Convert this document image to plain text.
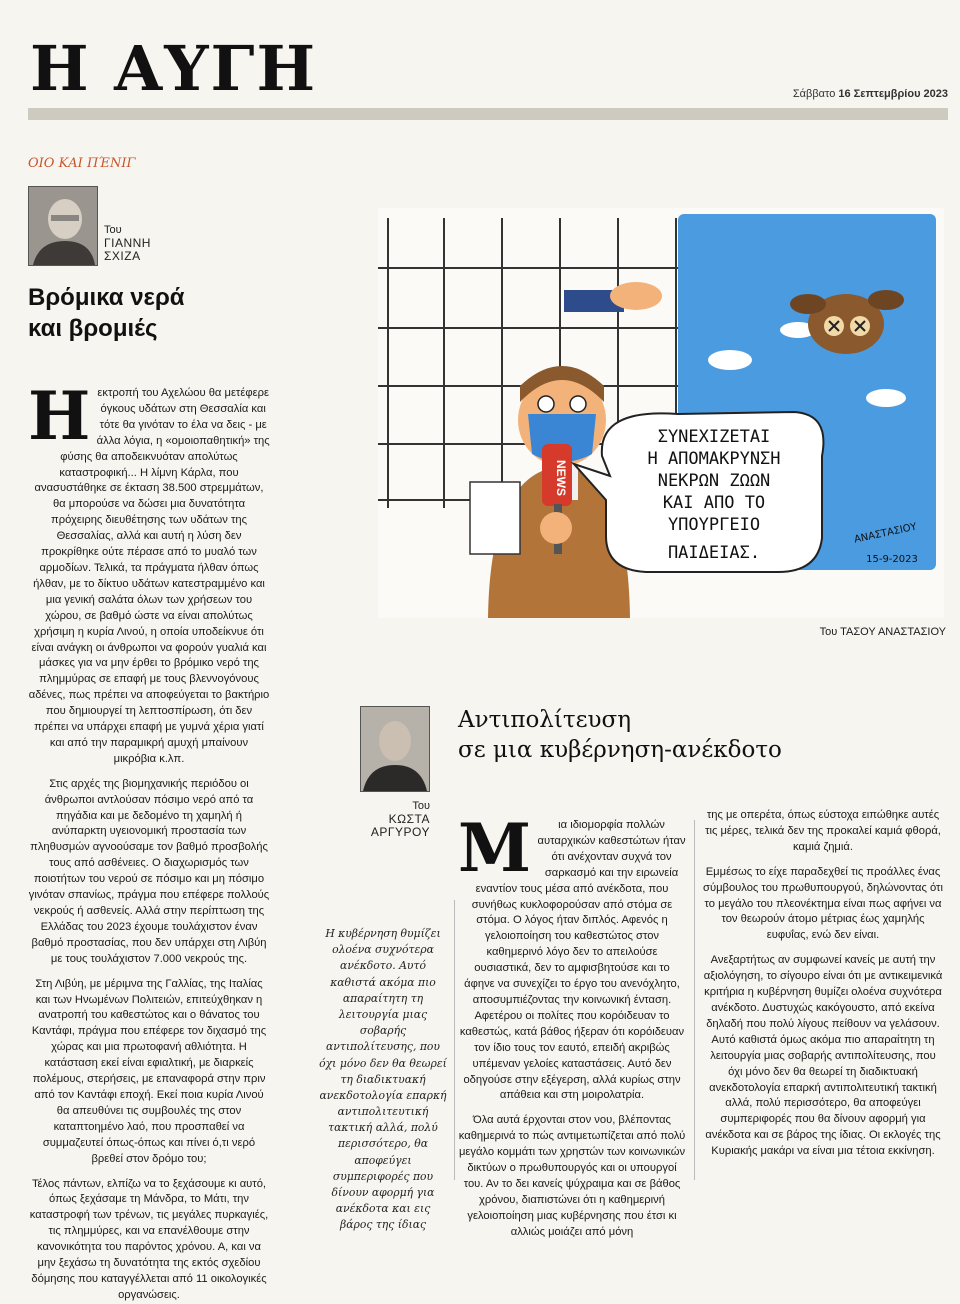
Η ΑΥΓΗ	Σάββατο 16 Σεπτεμβρίου 2023
ΟΙΟ ΚΑΙ ΠΈΝΙΓ
Του
ΓΙΑΝΝΗ
ΣΧΙΖΑ
Βρόμικα νερά
και βρομιές

Ηεκτροπή του Αχελώου θα μετέφερε όγκους υδάτων στη Θεσσαλία και τότε θα γινόταν το έλα να δεις - με άλλα λόγια, η «ομοιοπαθητική» της φύσης θα αποδεικνυόταν απολύτως καταστροφική... Η λίμνη Κάρλα, που ανασυστάθηκε σε έκταση 38.500 στρεμμάτων, θα μπορούσε να δώσει μια δυνατότητα πρόχειρης διευθέτησης των υδάτων της Θεσσαλίας, αλλά και αυτή η λύση δεν προκρίθηκε ούτε πέρασε από το μυαλό των αρμοδίων. Τελικά, τα πράγματα ήλθαν όπως ήλθαν, με το δίκτυο υδάτων κατεστραμμένο και μια γενική σαλάτα όλων των χρήσεων του χώρου, σε βαθμό ώστε να είναι απολύτως χρήσιμη η κυρία Λινού, η οποία υποδείκνυε ότι είναι ανάγκη οι άνθρωποι να φορούν γυαλιά και μάσκες για να μην έρθει το βρόμικο νερό της πλημμύρας σε επαφή με τους βλεννογόνους αδένες, πως πρέπει να αποφεύγεται το βακτήριο που δημιουργεί τη λεπτοσπίρωση, ότι δεν πρέπει να υπάρχει επαφή με γυμνά χέρια γιατί και από την παραμικρή αμυχή μπαίνουν μικρόβια κ.λπ.

Στις αρχές της βιομηχανικής περιόδου οι άνθρωποι αντλούσαν πόσιμο νερό από τα πηγάδια και με δεδομένο τη χαμηλή ή ανύπαρκτη υγειονομική προστασία των πληθυσμών αγνοούσαμε τον βαθμό προσβολής τους από ασθένειες. Ο διαχωρισμός των ποιοτήτων του νερού σε πόσιμο και μη πόσιμο γινόταν σπανίως, πράγμα που επέφερε πολλούς νεκρούς ή ασθενείς. Αλλά στην περίπτωση της Ελλάδας του 2023 έχουμε τουλάχιστον έναν βαθμό προστασίας, που δεν υπάρχει στη Λιβύη με τους τουλάχιστον 7.000 νεκρούς της.

Στη Λιβύη, με μέριμνα της Γαλλίας, της Ιταλίας και των Ηνωμένων Πολιτειών, επιτεύχθηκαν η ανατροπή του καθεστώτος και ο θάνατος του Καντάφι, πράγμα που επέφερε τον διχασμό της χώρας και μια πρωτοφανή αθλιότητα. Η κατάσταση εκεί είναι εφιαλτική, με διαρκείς πολέμους, στερήσεις, με επαναφορά στην πριν από τον Καντάφι εποχή. Εκεί ποια κυρία Λινού θα απευθύνει τις συμβουλές της στον καταπτοημένο λαό, που προσπαθεί να συμμαζευτεί όπως-όπως και πίνει ό,τι νερό βρεθεί στον δρόμο του;

Τέλος πάντων, ελπίζω να το ξεχάσουμε κι αυτό, όπως ξεχάσαμε τη Μάνδρα, το Μάτι, την καταστροφή των τρένων, τις μεγάλες πυρκαγιές, τις πλημμύρες, και να επανέλθουμε στην κανονικότητα του παρόντος χρόνου. Α, και να μην ξεχάσω τη δυνατότητα της εκτός σχεδίου δόμησης που καταγγέλλεται από 11 οικολογικές οργανώσεις.

NEWS
ΣΥΝΕΧΙΖΕΤΑΙ
Η ΑΠΟΜΑΚΡΥΝΣΗ
ΝΕΚΡΩΝ ΖΩΩΝ
ΚΑΙ ΑΠΟ ΤΟ
ΥΠΟΥΡΓΕΙΟ
ΠΑΙΔΕΙΑΣ.
ΑΝΑΣΤΑΣΙΟΥ
15-9-2023
Του ΤΑΣΟΥ ΑΝΑΣΤΑΣΙΟΥ
Του
ΚΩΣΤΑ
ΑΡΓΥΡΟΥ
Αντιπολίτευση
σε μια κυβέρνηση-ανέκδοτο
Η κυβέρνηση θυμίζει ολοένα συχνότερα ανέκδοτο. Αυτό καθιστά ακόμα πιο απαραίτητη τη λειτουργία μιας σοβαρής αντιπολίτευσης, που όχι μόνο δεν θα θεωρεί τη διαδικτυακή ανεκδοτολογία επαρκή αντιπολιτευτική τακτική αλλά, πολύ περισσότερο, θα αποφεύγει συμπεριφορές που δίνουν αφορμή για ανέκδοτα και εις βάρος της ίδιας

Μ ια ιδιομορφία πολλών αυταρχικών καθεστώτων ήταν ότι ανέχονταν συχνά τον σαρκασμό και την ειρωνεία εναντίον τους μέσα από ανέκδοτα, που συνήθως κυκλοφορούσαν από στόμα σε στόμα. Ο λόγος ήταν διπλός. Αφενός η γελοιοποίηση του καθεστώτος στον καθημερινό λόγο δεν το απειλούσε ουσιαστικά, δεν το αμφισβητούσε και το άφηνε να συνεχίζει το έργο του ανενόχλητο, αποσυμπιέζοντας την κοινωνική ένταση. Αφετέρου οι πολίτες που κορόιδευαν το καθεστώς, κατά βάθος ήξεραν ότι κορόιδευαν τον ίδιο τους τον εαυτό, επειδή ακριβώς υπέμεναν γελοίες καταστάσεις. Αυτό δεν οδηγούσε στην εξέγερση, αλλά κυρίως στην απάθεια και στη μοιρολατρία.

Όλα αυτά έρχονται στον νου, βλέποντας καθημερινά το πώς αντιμετωπίζεται από πολύ μεγάλο κομμάτι των χρηστών των κοινωνικών δικτύων ο πρωθυπουργός και οι υπουργοί του. Αν το δει κανείς ψύχραιμα και σε βάθος χρόνου, διαπιστώνει ότι η καθημερινή γελοιοποίηση μιας κυβέρνησης που έτσι κι αλλιώς μοιάζει από μόνη

της με οπερέτα, όπως εύστοχα ειπώθηκε αυτές τις μέρες, τελικά δεν της προκαλεί καμιά φθορά, καμιά ζημιά.

Εμμέσως το είχε παραδεχθεί τις προάλλες ένας σύμβουλος του πρωθυπουργού, δηλώνοντας ότι το μεγάλο του πλεονέκτημα είναι πως αφήνει να τον θεωρούν άτομο μέτριας έως χαμηλής ευφυΐας, ενώ δεν είναι.

Ανεξαρτήτως αν συμφωνεί κανείς με αυτή την αξιολόγηση, το σίγουρο είναι ότι με αντικειμενικά κριτήρια η κυβέρνηση θυμίζει ολοένα συχνότερα ανέκδοτο. Δυστυχώς κακόγουστο, από εκείνα δηλαδή που πολύ λίγους πείθουν να γελάσουν. Αυτό καθιστά όμως ακόμα πιο απαραίτητη τη λειτουργία μιας σοβαρής αντιπολίτευσης, που όχι μόνο δεν θα θεωρεί τη διαδικτυακή ανεκδοτολογία επαρκή αντιπολιτευτική τακτική αλλά, πολύ περισσότερο, θα αποφεύγει συμπεριφορές που θα δίνουν αφορμή για ανέκδοτα και σε βάρος της ίδιας. Οι εκλογές της Κυριακής μακάρι να είναι μια τέτοια εκκίνηση.
